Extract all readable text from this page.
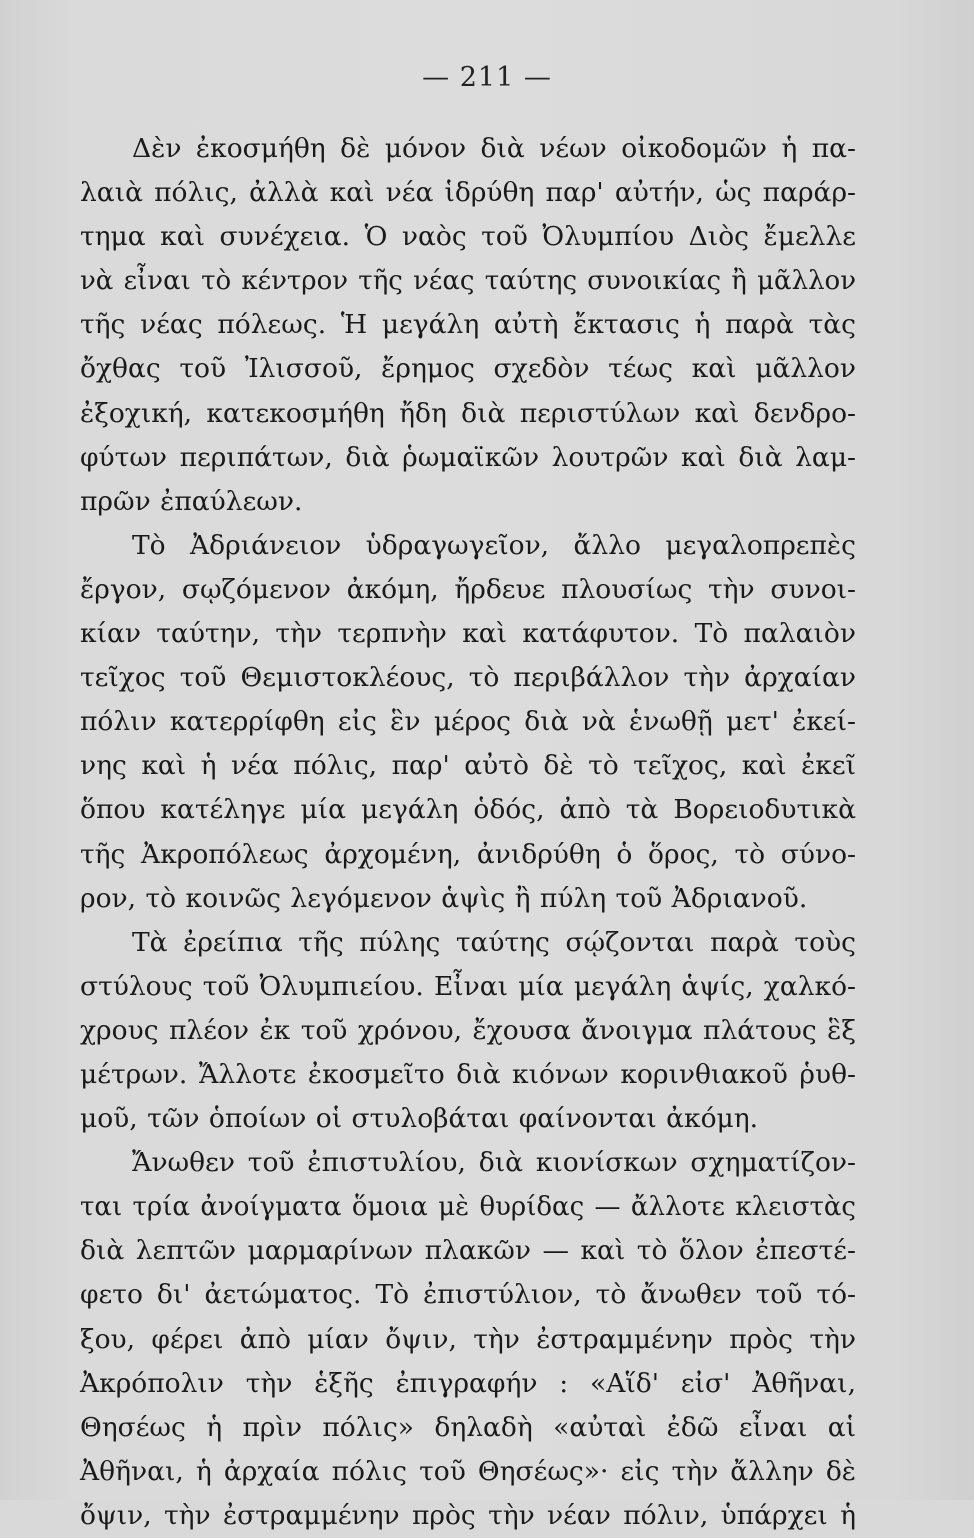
— 211 —
Δὲν ἐκοσμήθη δὲ μόνον διὰ νέων οἰκοδομῶν ἡ πα-
λαιὰ πόλις, ἀλλὰ καὶ νέα ἱδρύθη παρ' αὐτήν, ὡς παράρ-
τημα καὶ συνέχεια. Ὁ ναὸς τοῦ Ὀλυμπίου Διὸς ἔμελλε
νὰ εἶναι τὸ κέντρον τῆς νέας ταύτης συνοικίας ἢ μᾶλλον
τῆς νέας πόλεως. Ἡ μεγάλη αὐτὴ ἔκτασις ἡ παρὰ τὰς
ὄχθας τοῦ Ἰλισσοῦ, ἔρημος σχεδὸν τέως καὶ μᾶλλον
ἐξοχική, κατεκοσμήθη ἤδη διὰ περιστύλων καὶ δενδρο-
φύτων περιπάτων, διὰ ῥωμαϊκῶν λουτρῶν καὶ διὰ λαμ-
πρῶν ἐπαύλεων.
Τὸ Ἀδριάνειον ὑδραγωγεῖον, ἄλλο μεγαλοπρεπὲς
ἔργον, σῳζόμενον ἀκόμη, ἤρδευε πλουσίως τὴν συνοι-
κίαν ταύτην, τὴν τερπνὴν καὶ κατάφυτον. Τὸ παλαιὸν
τεῖχος τοῦ Θεμιστοκλέους, τὸ περιβάλλον τὴν ἀρχαίαν
πόλιν κατερρίφθη εἰς ἓν μέρος διὰ νὰ ἑνωθῇ μετ' ἐκεί-
νης καὶ ἡ νέα πόλις, παρ' αὐτὸ δὲ τὸ τεῖχος, καὶ ἐκεῖ
ὅπου κατέληγε μία μεγάλη ὁδός, ἀπὸ τὰ Βορειοδυτικὰ
τῆς Ἀκροπόλεως ἀρχομένη, ἀνιδρύθη ὁ ὅρος, τὸ σύνο-
ρον, τὸ κοινῶς λεγόμενον ἁψὶς ἢ πύλη τοῦ Ἀδριανοῦ.
Τὰ ἐρείπια τῆς πύλης ταύτης σῴζονται παρὰ τοὺς
στύλους τοῦ Ὀλυμπιείου. Εἶναι μία μεγάλη ἁψίς, χαλκό-
χρους πλέον ἐκ τοῦ χρόνου, ἔχουσα ἄνοιγμα πλάτους ἓξ
μέτρων. Ἄλλοτε ἐκοσμεῖτο διὰ κιόνων κορινθιακοῦ ῥυθ-
μοῦ, τῶν ὁποίων οἱ στυλοβάται φαίνονται ἀκόμη.
Ἄνωθεν τοῦ ἐπιστυλίου, διὰ κιονίσκων σχηματίζον-
ται τρία ἀνοίγματα ὅμοια μὲ θυρίδας — ἄλλοτε κλειστὰς
διὰ λεπτῶν μαρμαρίνων πλακῶν — καὶ τὸ ὅλον ἐπεστέ-
φετο δι' ἀετώματος. Τὸ ἐπιστύλιον, τὸ ἄνωθεν τοῦ τό-
ξου, φέρει ἀπὸ μίαν ὄψιν, τὴν ἐστραμμένην πρὸς τὴν
Ἀκρόπολιν τὴν ἑξῆς ἐπιγραφήν : «Αἵδ' εἰσ' Ἀθῆναι,
Θησέως ἡ πρὶν πόλις» δηλαδὴ «αὐταὶ ἐδῶ εἶναι αἱ
Ἀθῆναι, ἡ ἀρχαία πόλις τοῦ Θησέως»· εἰς τὴν ἄλλην δὲ
ὄψιν, τὴν ἐστραμμένην πρὸς τὴν νέαν πόλιν, ὑπάρχει ἡ
